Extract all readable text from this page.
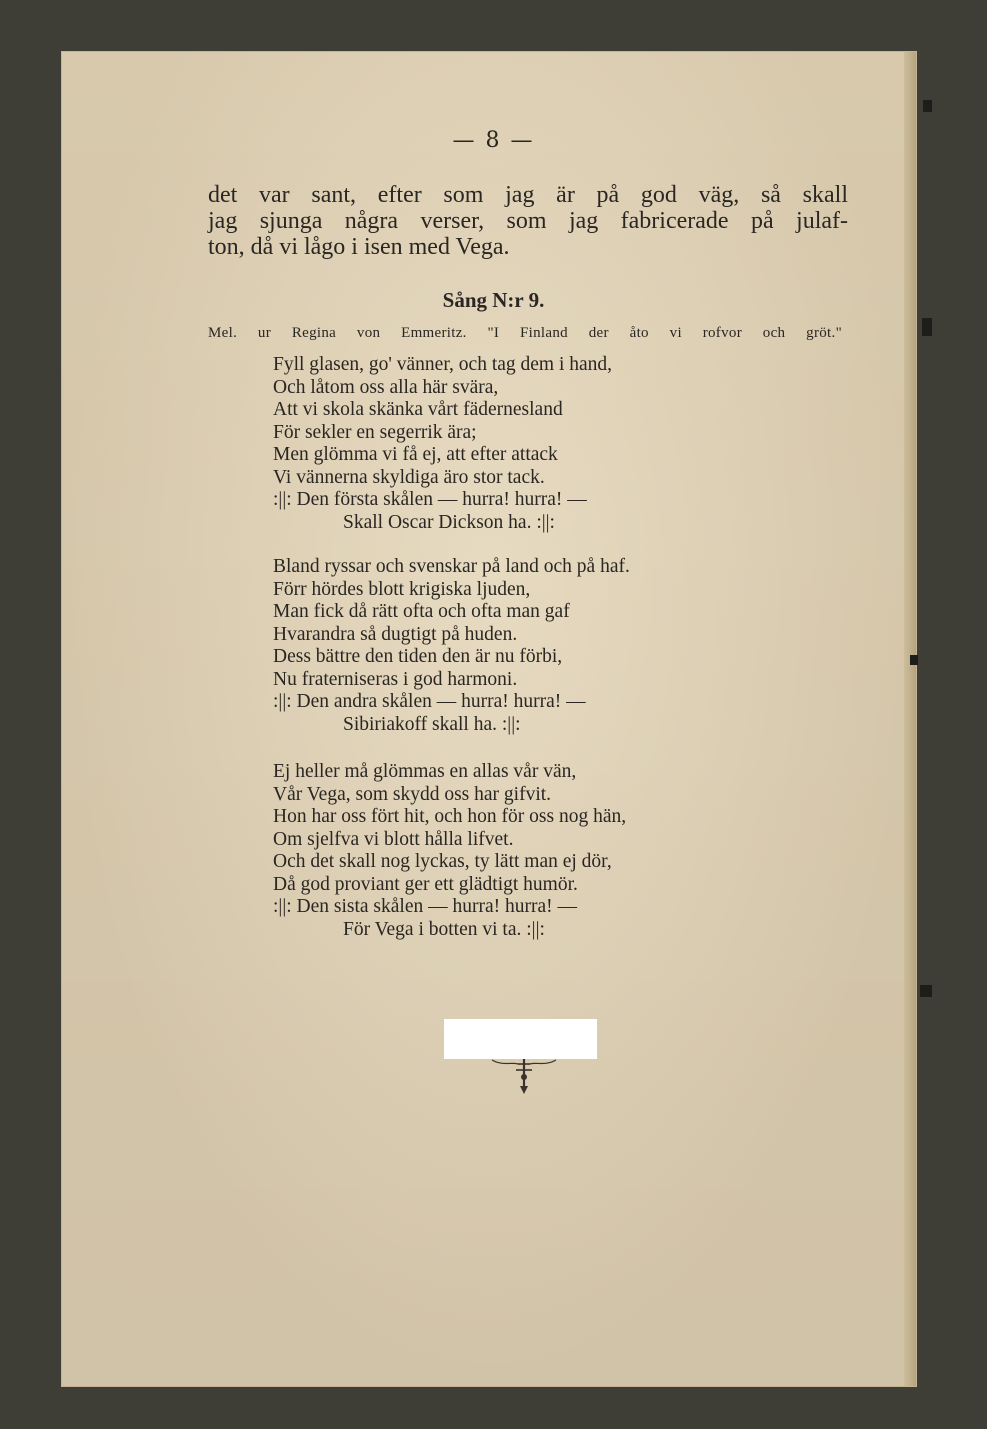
— 8 —
det var sant, efter som jag är på god väg, så skall
jag sjunga några verser, som jag fabricerade på julaf-
ton, då vi lågo i isen med Vega.
Sång N:r 9.
Mel. ur Regina von Emmeritz. "I Finland der åto vi rofvor och gröt."
Fyll glasen, go' vänner, och tag dem i hand,
Och låtom oss alla här svära,
Att vi skola skänka vårt fädernesland
För sekler en segerrik ära;
Men glömma vi få ej, att efter attack
Vi vännerna skyldiga äro stor tack.
:||: Den första skålen — hurra! hurra! —
Skall Oscar Dickson ha. :||:
Bland ryssar och svenskar på land och på haf.
Förr hördes blott krigiska ljuden,
Man fick då rätt ofta och ofta man gaf
Hvarandra så dugtigt på huden.
Dess bättre den tiden den är nu förbi,
Nu fraterniseras i god harmoni.
:||: Den andra skålen — hurra! hurra! —
Sibiriakoff skall ha. :||:
Ej heller må glömmas en allas vår vän,
Vår Vega, som skydd oss har gifvit.
Hon har oss fört hit, och hon för oss nog hän,
Om sjelfva vi blott hålla lifvet.
Och det skall nog lyckas, ty lätt man ej dör,
Då god proviant ger ett glädtigt humör.
:||: Den sista skålen — hurra! hurra! —
För Vega i botten vi ta. :||:
